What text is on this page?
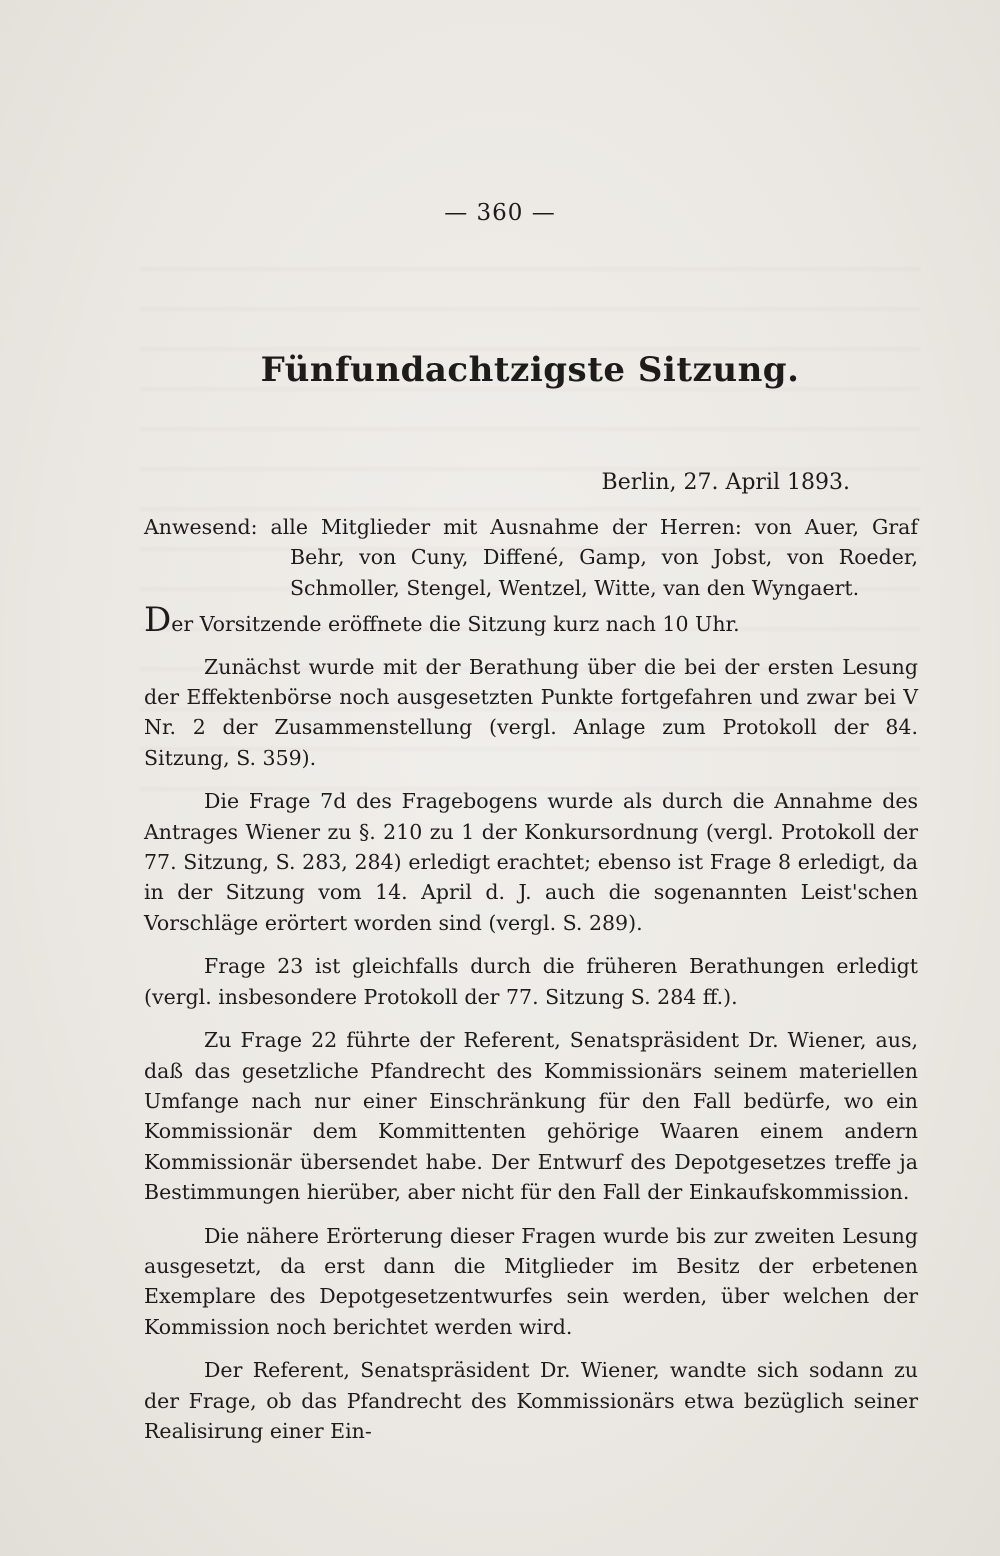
— 360 —
Fünfundachtzigste Sitzung.
Berlin, 27. April 1893.

Anwesend: alle Mitglieder mit Ausnahme der Herren: von Auer, Graf Behr, von Cuny, Diffené, Gamp, von Jobst, von Roeder, Schmoller, Stengel, Wentzel, Witte, van den Wyngaert.

Der Vorsitzende eröffnete die Sitzung kurz nach 10 Uhr.

Zunächst wurde mit der Berathung über die bei der ersten Lesung der Effektenbörse noch ausgesetzten Punkte fortgefahren und zwar bei V Nr. 2 der Zusammenstellung (vergl. Anlage zum Protokoll der 84. Sitzung, S. 359).

Die Frage 7d des Fragebogens wurde als durch die Annahme des Antrages Wiener zu §. 210 zu 1 der Konkursordnung (vergl. Protokoll der 77. Sitzung, S. 283, 284) erledigt erachtet; ebenso ist Frage 8 erledigt, da in der Sitzung vom 14. April d. J. auch die sogenannten Leist'schen Vorschläge erörtert worden sind (vergl. S. 289).

Frage 23 ist gleichfalls durch die früheren Berathungen erledigt (vergl. insbesondere Protokoll der 77. Sitzung S. 284 ff.).

Zu Frage 22 führte der Referent, Senatspräsident Dr. Wiener, aus, daß das gesetzliche Pfandrecht des Kommissionärs seinem materiellen Umfange nach nur einer Einschränkung für den Fall bedürfe, wo ein Kommissionär dem Kommittenten gehörige Waaren einem andern Kommissionär übersendet habe. Der Entwurf des Depotgesetzes treffe ja Bestimmungen hierüber, aber nicht für den Fall der Einkaufskommission.

Die nähere Erörterung dieser Fragen wurde bis zur zweiten Lesung ausgesetzt, da erst dann die Mitglieder im Besitz der erbetenen Exemplare des Depotgesetzentwurfes sein werden, über welchen der Kommission noch berichtet werden wird.

Der Referent, Senatspräsident Dr. Wiener, wandte sich sodann zu der Frage, ob das Pfandrecht des Kommissionärs etwa bezüglich seiner Realisirung einer Ein-
